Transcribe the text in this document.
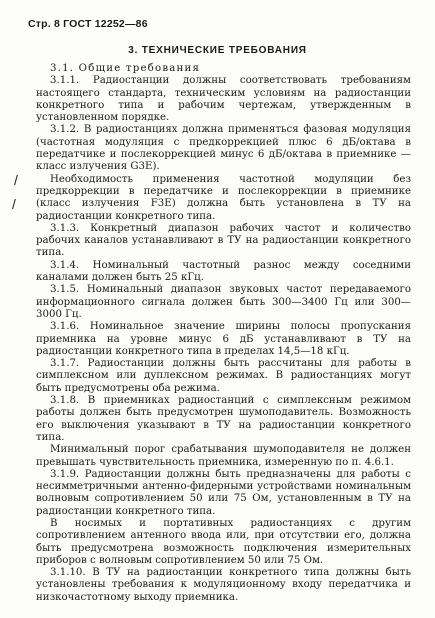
Стр. 8 ГОСТ 12252—86
3. ТЕХНИЧЕСКИЕ ТРЕБОВАНИЯ
/
/

3.1. Общие требования

3.1.1. Радиостанции должны соответствовать требованиям настоящего стандарта, техническим условиям на радиостанции конкретного типа и рабочим чертежам, утвержденным в установленном порядке.

3.1.2. В радиостанциях должна применяться фазовая модуляция (частотная модуляция с предкоррекцией плюс 6 дБ/октава в передатчике и послекоррекцией минус 6 дБ/октава в приемнике — класс излучения G3E).

Необходимость применения частотной модуляции без предкоррекции в передатчике и послекоррекции в приемнике (класс излучения F3E) должна быть установлена в ТУ на радиостанции конкретного типа.

3.1.3. Конкретный диапазон рабочих частот и количество рабочих каналов устанавливают в ТУ на радиостанции конкретного типа.

3.1.4. Номинальный частотный разнос между соседними каналами должен быть 25 кГц.

3.1.5. Номинальный диапазон звуковых частот передаваемого информационного сигнала должен быть 300—3400 Гц или 300—3000 Гц.

3.1.6. Номинальное значение ширины полосы пропускания приемника на уровне минус 6 дБ устанавливают в ТУ на радиостанции конкретного типа в пределах 14,5—18 кГц.

3.1.7. Радиостанции должны быть рассчитаны для работы в симплексном или дуплексном режимах. В радиостанциях могут быть предусмотрены оба режима.

3.1.8. В приемниках радиостанций с симплексным режимом работы должен быть предусмотрен шумоподавитель. Возможность его выключения указывают в ТУ на радиостанции конкретного типа.

Минимальный порог срабатывания шумоподавителя не должен превышать чувствительность приемника, измеренную по п. 4.6.1.

3.1.9. Радиостанции должны быть предназначены для работы с несимметричными антенно-фидерными устройствами номинальным волновым сопротивлением 50 или 75 Ом, установленным в ТУ на радиостанции конкретного типа.

В носимых и портативных радиостанциях с другим сопротивлением антенного ввода или, при отсутствии его, должна быть предусмотрена возможность подключения измерительных приборов с волновым сопротивлением 50 или 75 Ом.

3.1.10. В ТУ на радиостанции конкретного типа должны быть установлены требования к модуляционному входу передатчика и низкочастотному выходу приемника.
